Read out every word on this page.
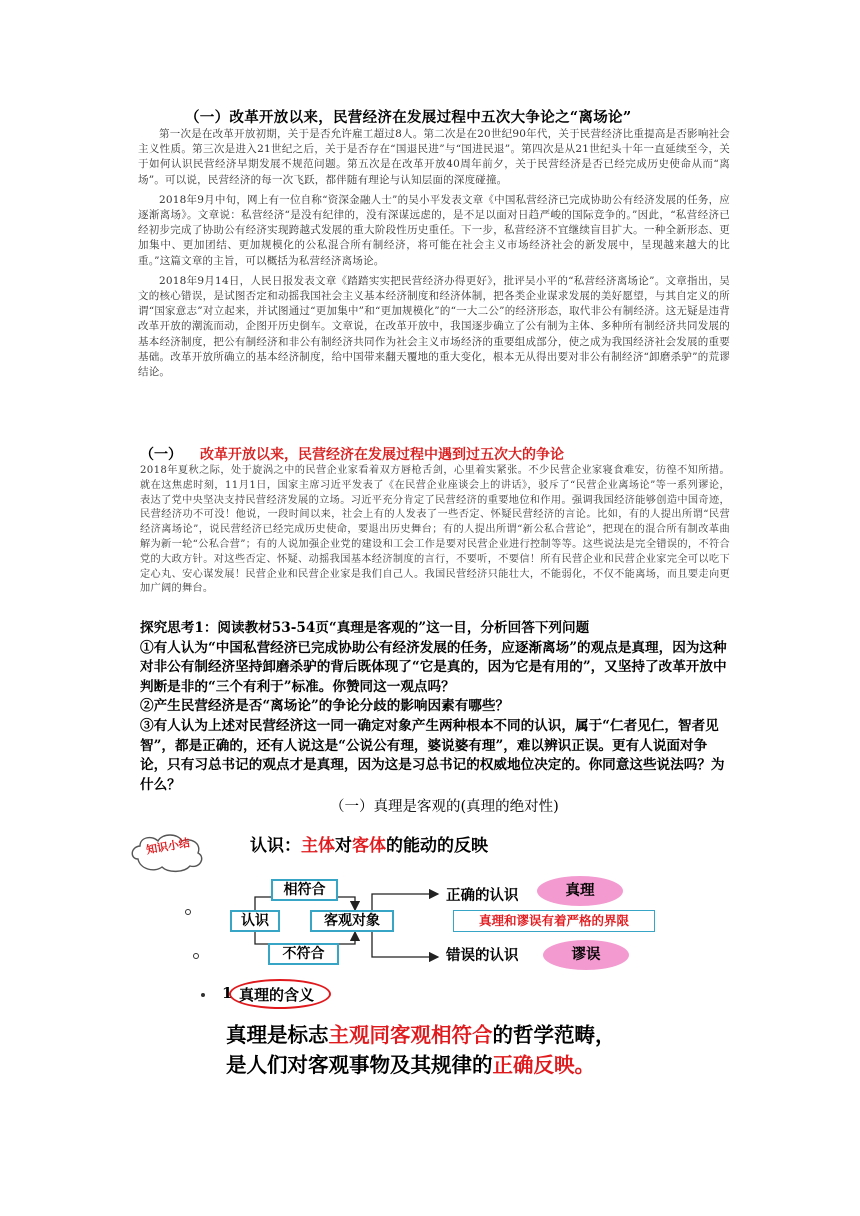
（一）改革开放以来，民营经济在发展过程中五次大争论之“离场论”

第一次是在改革开放初期，关于是否允许雇工超过8人。第二次是在20世纪90年代，关于民营经济比重提高是否影响社会主义性质。第三次是进入21世纪之后，关于是否存在“国退民进”与“国进民退”。第四次是从21世纪头十年一直延续至今，关于如何认识民营经济早期发展不规范问题。第五次是在改革开放40周年前夕，关于民营经济是否已经完成历史使命从而“离场”。可以说，民营经济的每一次飞跃，都伴随有理论与认知层面的深度碰撞。

2018年9月中旬，网上有一位自称“资深金融人士”的吴小平发表文章《中国私营经济已完成协助公有经济发展的任务，应逐渐离场》。文章说：私营经济“是没有纪律的，没有深谋远虑的，是不足以面对日趋严峻的国际竞争的。”因此，“私营经济已经初步完成了协助公有经济实现跨越式发展的重大阶段性历史重任。下一步，私营经济不宜继续盲目扩大。一种全新形态、更加集中、更加团结、更加规模化的公私混合所有制经济，将可能在社会主义市场经济社会的新发展中，呈现越来越大的比重。”这篇文章的主旨，可以概括为私营经济离场论。

2018年9月14日，人民日报发表文章《踏踏实实把民营经济办得更好》，批评吴小平的“私营经济离场论”。文章指出，吴文的核心错误，是试图否定和动摇我国社会主义基本经济制度和经济体制，把各类企业谋求发展的美好愿望，与其自定义的所谓“国家意志”对立起来，并试图通过“更加集中”和“更加规模化”的“一大二公”的经济形态，取代非公有制经济。这无疑是违背改革开放的潮流而动，企图开历史倒车。文章说，在改革开放中，我国逐步确立了公有制为主体、多种所有制经济共同发展的基本经济制度，把公有制经济和非公有制经济共同作为社会主义市场经济的重要组成部分，使之成为我国经济社会发展的重要基础。改革开放所确立的基本经济制度，给中国带来翻天覆地的重大变化，根本无从得出要对非公有制经济“卸磨杀驴”的荒谬结论。

（一） 改革开放以来，民营经济在发展过程中遇到过五次大的争论
2018年夏秋之际，处于旋涡之中的民营企业家看着双方唇枪舌剑，心里着实紧张。不少民营企业家寝食难安，彷徨不知所措。就在这焦虑时刻，11月1日，国家主席习近平发表了《在民营企业座谈会上的讲话》，驳斥了“民营企业离场论”等一系列谬论，表达了党中央坚决支持民营经济发展的立场。习近平充分肯定了民营经济的重要地位和作用。强调我国经济能够创造中国奇迹，民营经济功不可没！他说，一段时间以来，社会上有的人发表了一些否定、怀疑民营经济的言论。比如，有的人提出所谓“民营经济离场论”，说民营经济已经完成历史使命，要退出历史舞台；有的人提出所谓“新公私合营论”，把现在的混合所有制改革曲解为新一轮“公私合营”；有的人说加强企业党的建设和工会工作是要对民营企业进行控制等等。这些说法是完全错误的，不符合党的大政方针。对这些否定、怀疑、动摇我国基本经济制度的言行，不要听，不要信！所有民营企业和民营企业家完全可以吃下定心丸、安心谋发展！民营企业和民营企业家是我们自己人。我国民营经济只能壮大，不能弱化，不仅不能离场，而且要走向更加广阔的舞台。

探究思考1：阅读教材53-54页“真理是客观的”这一目，分析回答下列问题

①有人认为“中国私营经济已完成协助公有经济发展的任务，应逐渐离场”的观点是真理，因为这种对非公有制经济坚持卸磨杀驴的背后既体现了“它是真的，因为它是有用的”，又坚持了改革开放中判断是非的“三个有利于”标准。你赞同这一观点吗？

②产生民营经济是否“离场论”的争论分歧的影响因素有哪些？

③有人认为上述对民营经济这一同一确定对象产生两种根本不同的认识，属于“仁者见仁，智者见智”，都是正确的，还有人说这是“公说公有理，婆说婆有理”，难以辨识正误。更有人说面对争论，只有习总书记的观点才是真理，因为这是习总书记的权威地位决定的。你同意这些说法吗？为什么？

（一）真理是客观的(真理的绝对性)
知识小结	认识：主体对客体的能动的反映
相符合
认识	客观对象
不符合
正确的认识
错误的认识
真理
谬误
真理和谬误有着严格的界限
1 真理的含义
真理是标志主观同客观相符合的哲学范畴，
是人们对客观事物及其规律的正确反映。
